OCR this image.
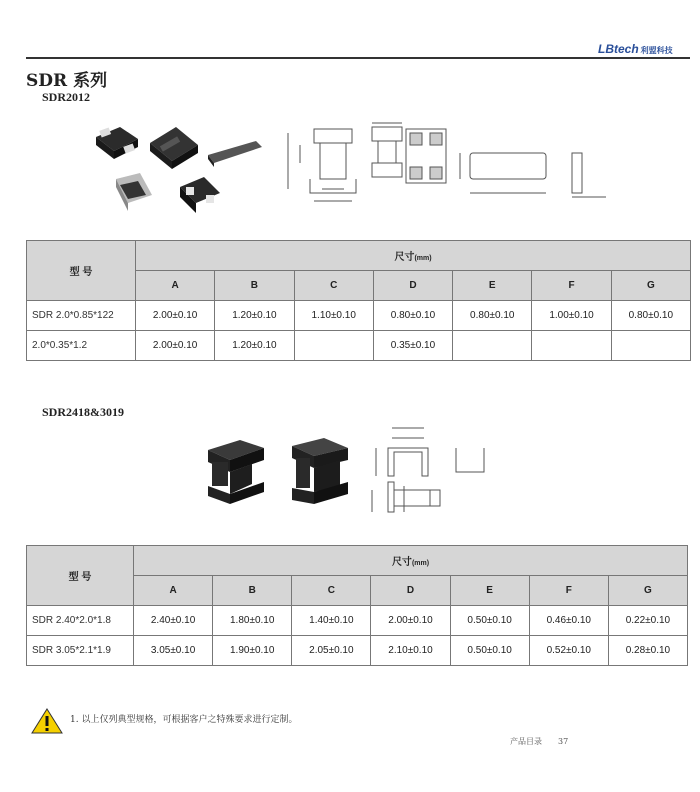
LBtech 利盟科技
SDR 系列
SDR2012
型 号	尺寸(mm)						
	A	B	C	D	E	F	G
SDR 2.0*0.85*122	2.00±0.10	1.20±0.10	1.10±0.10	0.80±0.10	0.80±0.10	1.00±0.10	0.80±0.10
2.0*0.35*1.2	2.00±0.10	1.20±0.10		0.35±0.10			
SDR2418&3019
型 号	尺寸(mm)						
	A	B	C	D	E	F	G
SDR 2.40*2.0*1.8	2.40±0.10	1.80±0.10	1.40±0.10	2.00±0.10	0.50±0.10	0.46±0.10	0.22±0.10
SDR 3.05*2.1*1.9	3.05±0.10	1.90±0.10	2.05±0.10	2.10±0.10	0.50±0.10	0.52±0.10	0.28±0.10
1. 以上仅列典型规格，可根据客户之特殊要求进行定制。
产品目录 37
